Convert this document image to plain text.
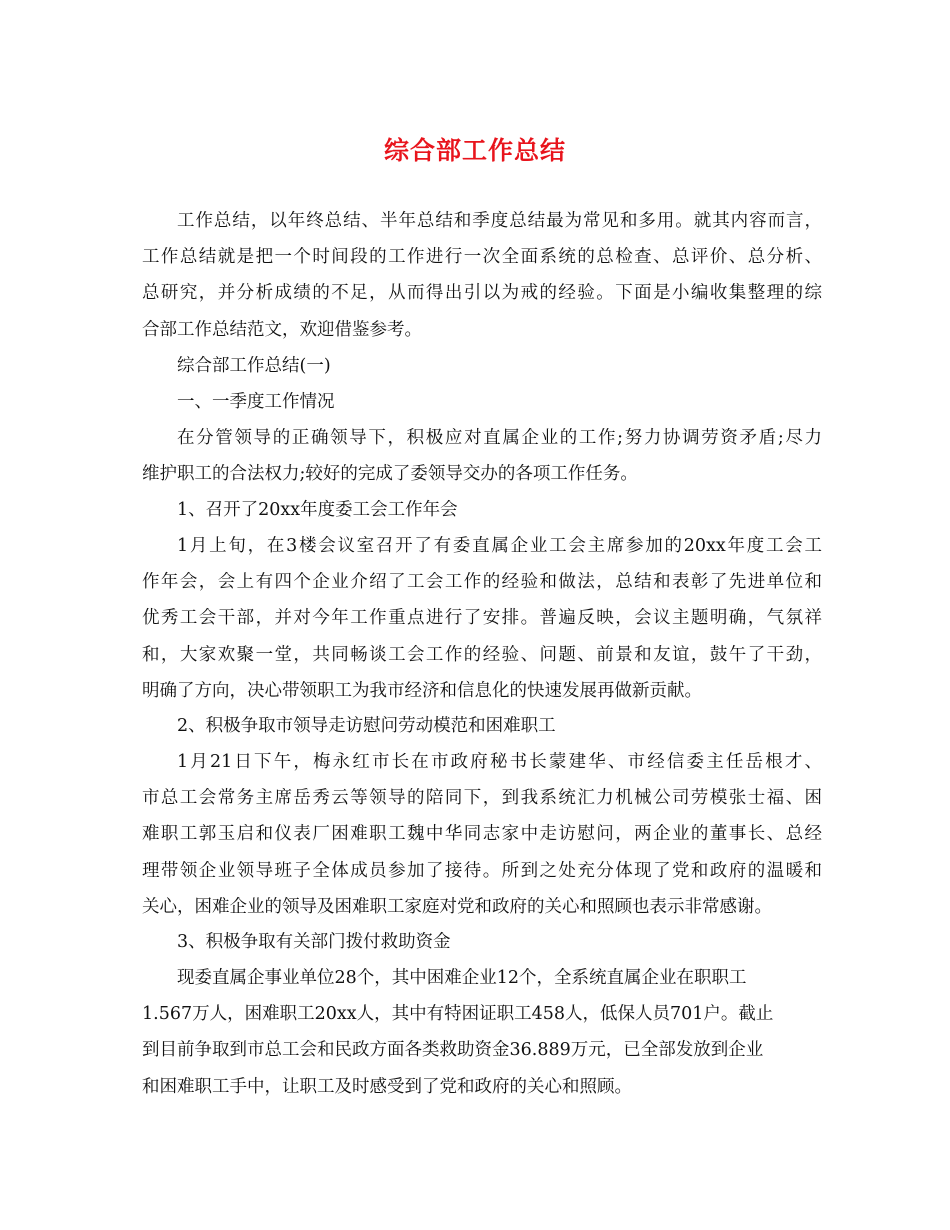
综合部工作总结
工作总结，以年终总结、半年总结和季度总结最为常见和多用。就其内容而言，
工作总结就是把一个时间段的工作进行一次全面系统的总检查、总评价、总分析、
总研究，并分析成绩的不足，从而得出引以为戒的经验。下面是小编收集整理的综
合部工作总结范文，欢迎借鉴参考。
综合部工作总结(一)
一、一季度工作情况
在分管领导的正确领导下，积极应对直属企业的工作;努力协调劳资矛盾;尽力
维护职工的合法权力;较好的完成了委领导交办的各项工作任务。
1、召开了20xx年度委工会工作年会
1月上旬，在3楼会议室召开了有委直属企业工会主席参加的20xx年度工会工
作年会，会上有四个企业介绍了工会工作的经验和做法，总结和表彰了先进单位和
优秀工会干部，并对今年工作重点进行了安排。普遍反映，会议主题明确，气氛祥
和，大家欢聚一堂，共同畅谈工会工作的经验、问题、前景和友谊，鼓午了干劲，
明确了方向，决心带领职工为我市经济和信息化的快速发展再做新贡献。
2、积极争取市领导走访慰问劳动模范和困难职工
1月21日下午，梅永红市长在市政府秘书长蒙建华、市经信委主任岳根才、
市总工会常务主席岳秀云等领导的陪同下，到我系统汇力机械公司劳模张士福、困
难职工郭玉启和仪表厂困难职工魏中华同志家中走访慰问，两企业的董事长、总经
理带领企业领导班子全体成员参加了接待。所到之处充分体现了党和政府的温暖和
关心，困难企业的领导及困难职工家庭对党和政府的关心和照顾也表示非常感谢。
3、积极争取有关部门拨付救助资金
现委直属企事业单位28个，其中困难企业12个，全系统直属企业在职职工
1.567万人，困难职工20xx人，其中有特困证职工458人，低保人员701户。截止
到目前争取到市总工会和民政方面各类救助资金36.889万元，已全部发放到企业
和困难职工手中，让职工及时感受到了党和政府的关心和照顾。
